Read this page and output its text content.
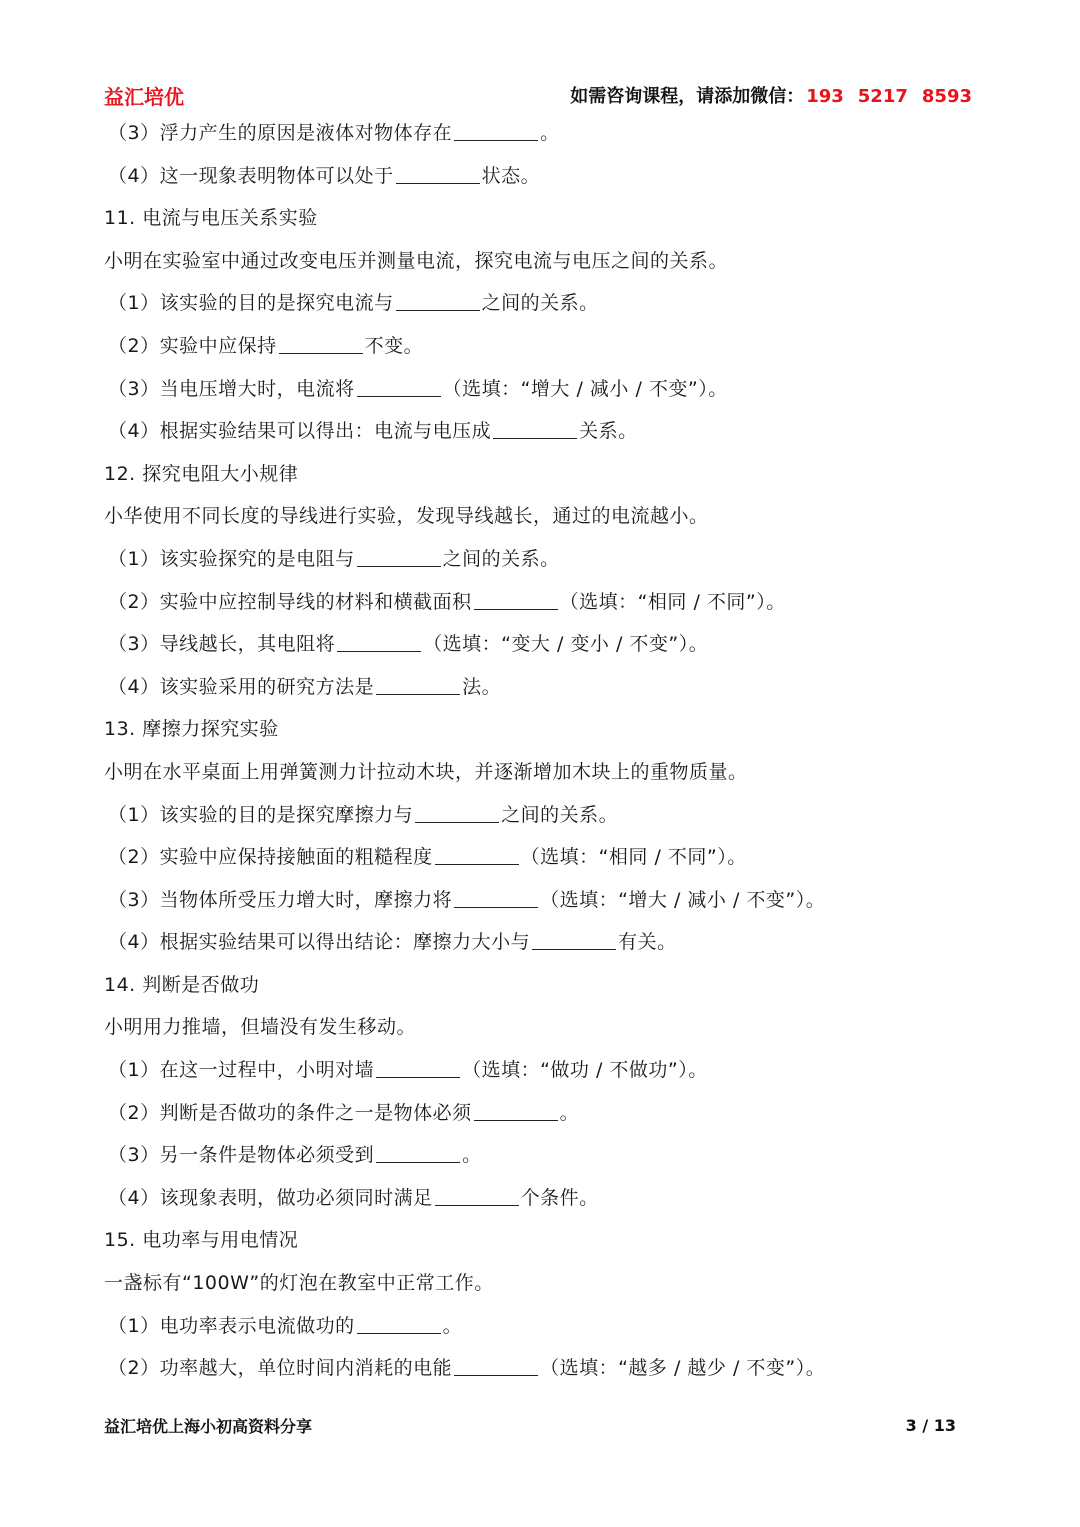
益汇培优	如需咨询课程，请添加微信： 193 5217 8593
（3）浮力产生的原因是液体对物体存在	。
（4）这一现象表明物体可以处于	状态。
11. 电流与电压关系实验
小明在实验室中通过改变电压并测量电流，探究电流与电压之间的关系。
（1）该实验的目的是探究电流与	之间的关系。
（2）实验中应保持	不变。
（3）当电压增大时，电流将	（选填：“增大 / 减小 / 不变”）。
（4）根据实验结果可以得出：电流与电压成	关系。
12. 探究电阻大小规律
小华使用不同长度的导线进行实验，发现导线越长，通过的电流越小。
（1）该实验探究的是电阻与	之间的关系。
（2）实验中应控制导线的材料和横截面积	（选填：“相同 / 不同”）。
（3）导线越长，其电阻将	（选填：“变大 / 变小 / 不变”）。
（4）该实验采用的研究方法是	法。
13. 摩擦力探究实验
小明在水平桌面上用弹簧测力计拉动木块，并逐渐增加木块上的重物质量。
（1）该实验的目的是探究摩擦力与	之间的关系。
（2）实验中应保持接触面的粗糙程度	（选填：“相同 / 不同”）。
（3）当物体所受压力增大时，摩擦力将	（选填：“增大 / 减小 / 不变”）。
（4）根据实验结果可以得出结论：摩擦力大小与	有关。
14. 判断是否做功
小明用力推墙，但墙没有发生移动。
（1）在这一过程中，小明对墙	（选填：“做功 / 不做功”）。
（2）判断是否做功的条件之一是物体必须	。
（3）另一条件是物体必须受到	。
（4）该现象表明，做功必须同时满足	个条件。
15. 电功率与用电情况
一盏标有“100W”的灯泡在教室中正常工作。
（1）电功率表示电流做功的	。
（2）功率越大，单位时间内消耗的电能	（选填：“越多 / 越少 / 不变”）。
益汇培优上海小初高资料分享	3 / 13
